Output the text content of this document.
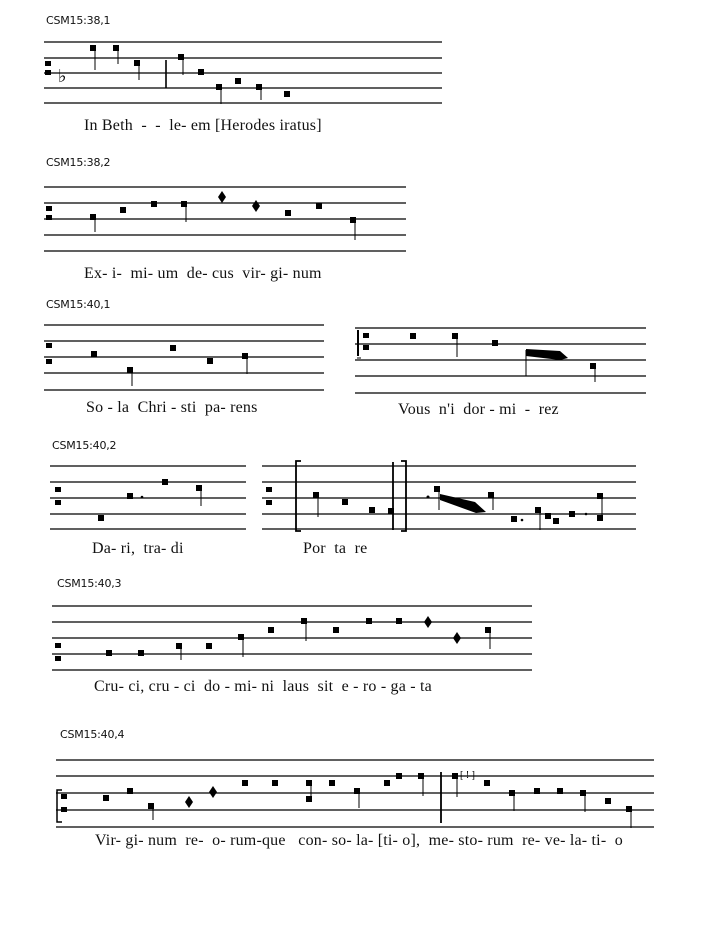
CSM15:38,1
♭
In Beth  -  -  le- em [Herodes iratus]
CSM15:38,2
Ex- i-  mi- um  de- cus  vir- gi- num
CSM15:40,1
So - la  Chri - sti  pa- rens	Vous  n'i  dor - mi  -  rez
CSM15:40,2
Da- ri,  tra- di	Por  ta  re
CSM15:40,3
Cru- ci, cru - ci  do - mi- ni  laus  sit  e - ro - ga - ta
CSM15:40,4
[ ! ]
Vir- gi- num  re-  o- rum-que   con- so- la- [ti- o],  me- sto- rum  re- ve- la- ti-  o
